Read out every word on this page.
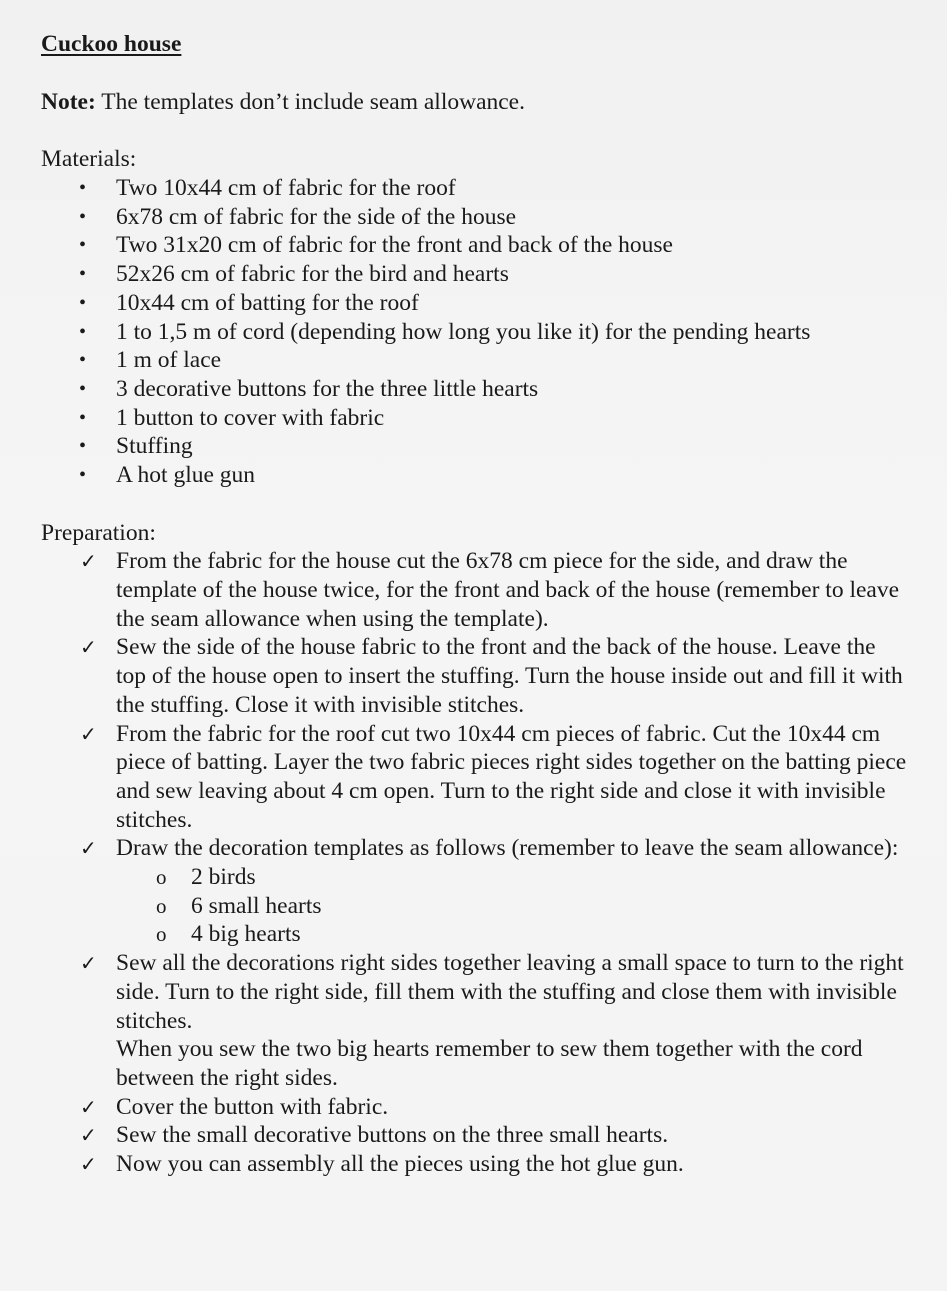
Cuckoo house
Note: The templates don’t include seam allowance.
Materials:
• Two 10x44 cm of fabric for the roof
• 6x78 cm of fabric for the side of the house
• Two 31x20 cm of fabric for the front and back of the house
• 52x26 cm of fabric for the bird and hearts
• 10x44 cm of batting for the roof
• 1 to 1,5 m of cord (depending how long you like it) for the pending hearts
• 1 m of lace
• 3 decorative buttons for the three little hearts
• 1 button to cover with fabric
• Stuffing
• A hot glue gun
Preparation:
✓ From the fabric for the house cut the 6x78 cm piece for the side, and draw the template of the house twice, for the front and back of the house (remember to leave the seam allowance when using the template).
✓ Sew the side of the house fabric to the front and the back of the house. Leave the top of the house open to insert the stuffing. Turn the house inside out and fill it with the stuffing. Close it with invisible stitches.
✓ From the fabric for the roof cut two 10x44 cm pieces of fabric. Cut the 10x44 cm piece of batting. Layer the two fabric pieces right sides together on the batting piece and sew leaving about 4 cm open. Turn to the right side and close it with invisible stitches.
✓ Draw the decoration templates as follows (remember to leave the seam allowance):
o 2 birds
o 6 small hearts
o 4 big hearts
✓ Sew all the decorations right sides together leaving a small space to turn to the right side. Turn to the right side, fill them with the stuffing and close them with invisible stitches.
When you sew the two big hearts remember to sew them together with the cord between the right sides.
✓ Cover the button with fabric.
✓ Sew the small decorative buttons on the three small hearts.
✓ Now you can assembly all the pieces using the hot glue gun.
